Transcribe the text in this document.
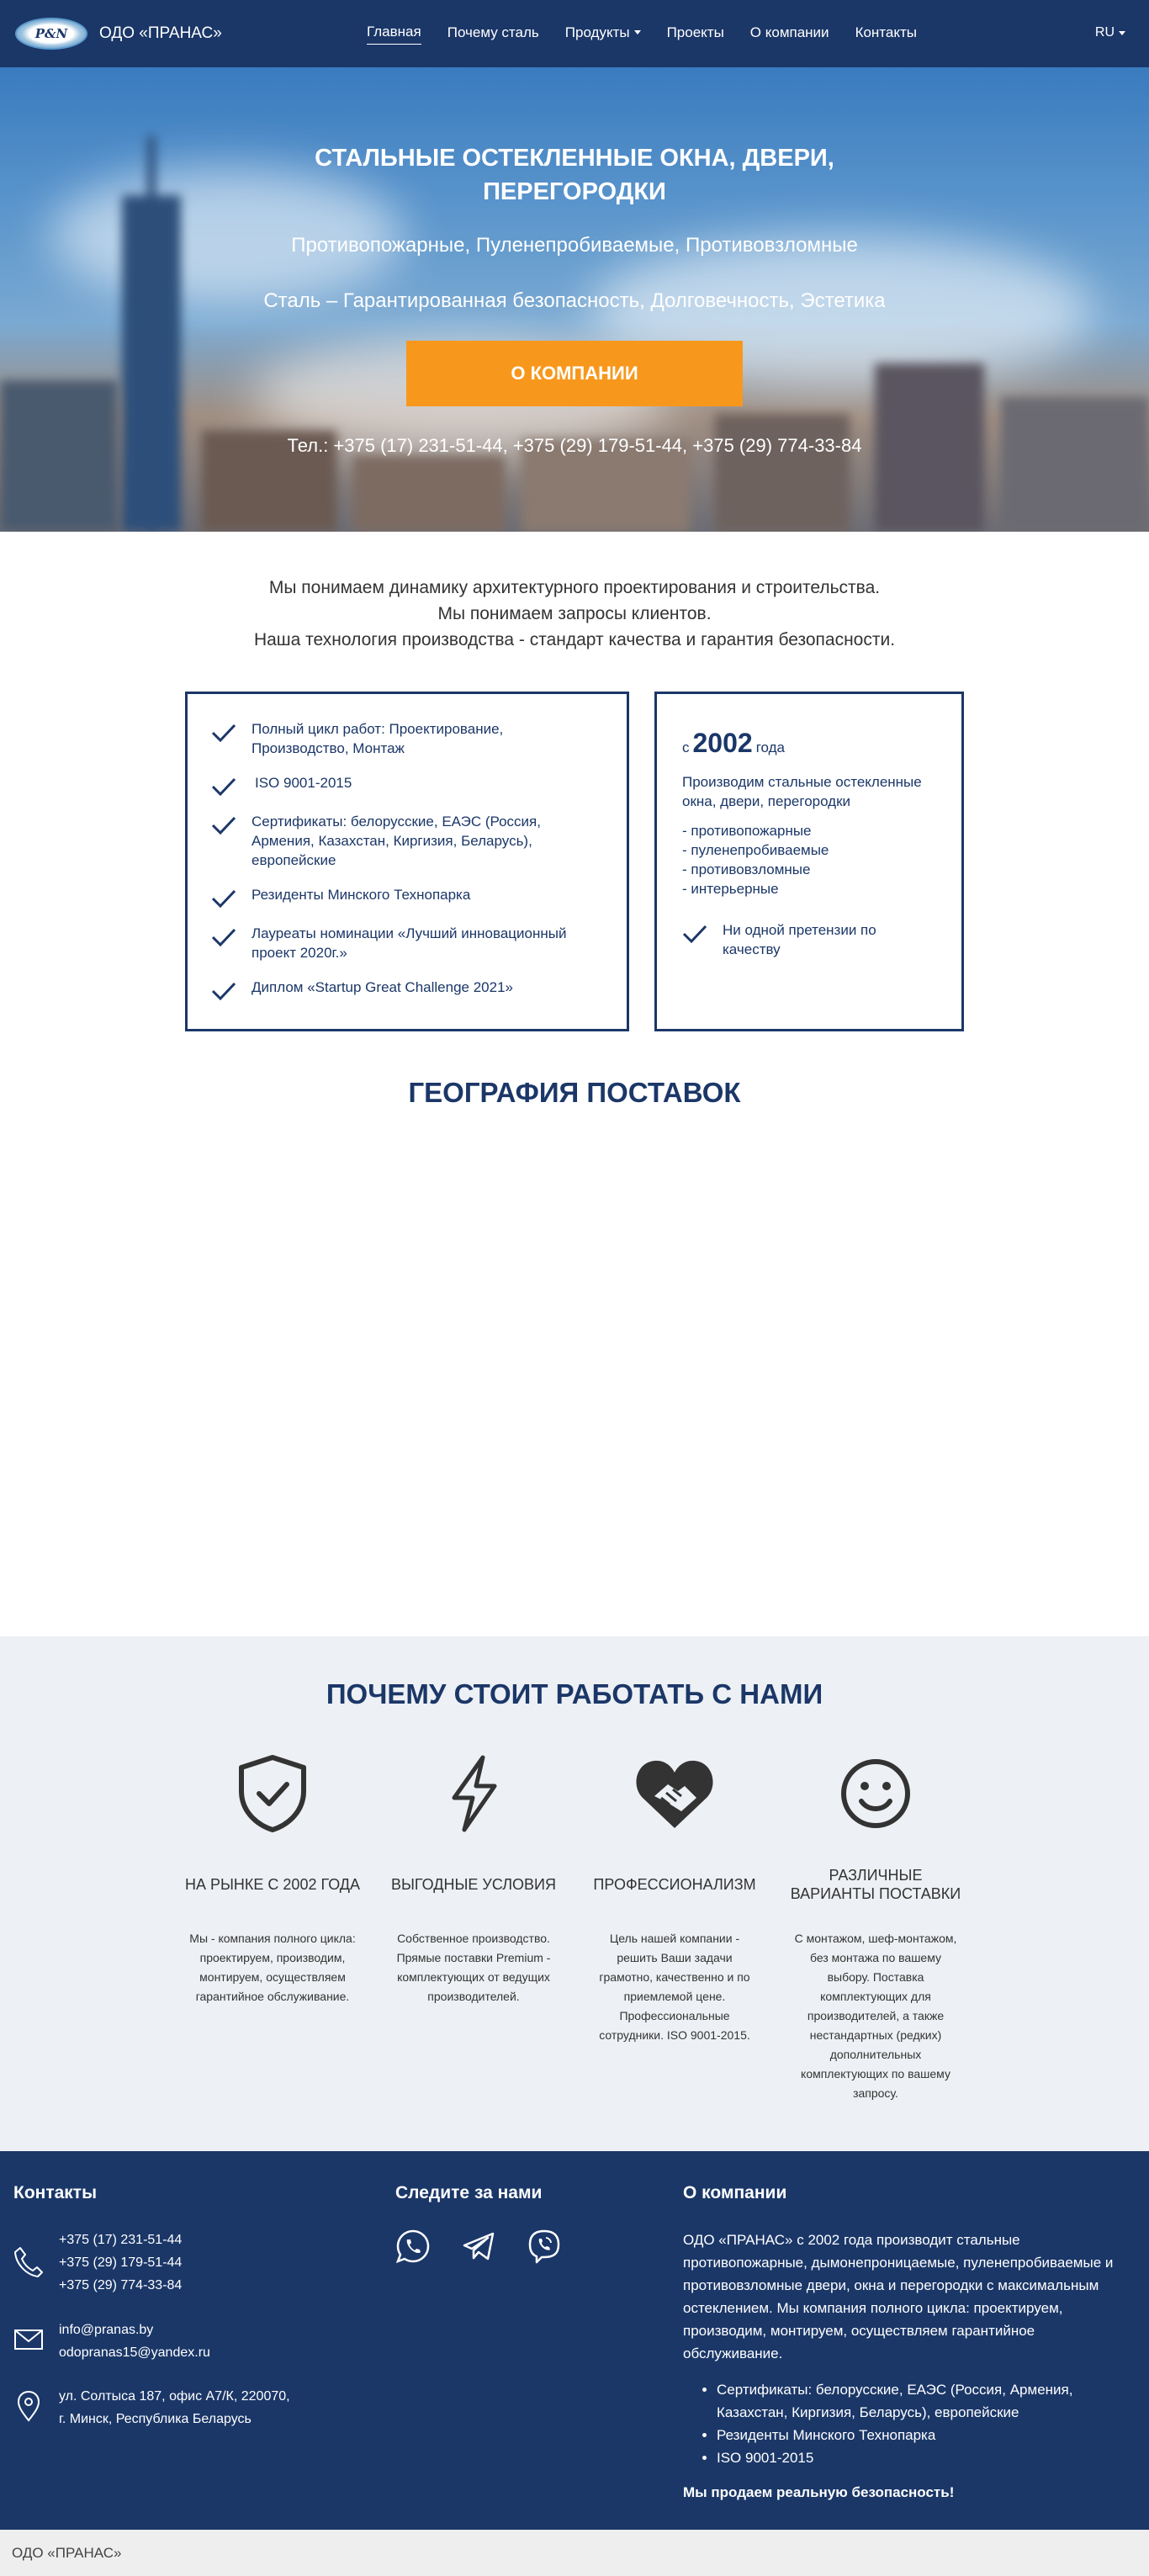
P&N ОДО «ПРАНАС»	Главная Почему сталь Продукты	Проекты О компании Контакты	RU
СТАЛЬНЫЕ ОСТЕКЛЕННЫЕ ОКНА, ДВЕРИ, ПЕРЕГОРОДКИ
Противопожарные, Пуленепробиваемые, Противовзломные
Сталь – Гарантированная безопасность, Долговечность, Эстетика
О КОМПАНИИ
Тел.: +375 (17) 231-51-44, +375 (29) 179-51-44, +375 (29) 774-33-84
Мы понимаем динамику архитектурного проектирования и строительства.
Мы понимаем запросы клиентов.
Наша технология производства - стандарт качества и гарантия безопасности.
Полный цикл работ: Проектирование, Производство, Монтаж
ISO 9001-2015
Сертификаты: белорусские, ЕАЭС (Россия, Армения, Казахстан, Киргизия, Беларусь), европейские
Резиденты Минского Технопарка
Лауреаты номинации «Лучший инновационный проект 2020г.»
Диплом «Startup Great Challenge 2021»
с 2002 года

Производим стальные остекленные окна, двери, перегородки

- противопожарные

- пуленепробиваемые

- противовзломные

- интерьерные

Ни одной претензии по качеству
ГЕОГРАФИЯ ПОСТАВОК
ПОЧЕМУ СТОИТ РАБОТАТЬ С НАМИ
НА РЫНКЕ С 2002 ГОДА
Мы - компания полного цикла: проектируем, производим, монтируем, осуществляем гарантийное обслуживание.
ВЫГОДНЫЕ УСЛОВИЯ
Собственное производство. Прямые поставки Premium - комплектующих от ведущих производителей.
ПРОФЕССИОНАЛИЗМ
Цель нашей компании - решить Ваши задачи грамотно, качественно и по приемлемой цене. Профессиональные сотрудники. ISO 9001-2015.
РАЗЛИЧНЫЕ ВАРИАНТЫ ПОСТАВКИ
С монтажом, шеф-монтажом, без монтажа по вашему выбору. Поставка комплектующих для производителей, а также нестандартных (редких) дополнительных комплектующих по вашему запросу.
Контакты
+375 (17) 231-51-44
+375 (29) 179-51-44
+375 (29) 774-33-84
info@pranas.by
odopranas15@yandex.ru
ул. Солтыса 187, офис А7/К, 220070,
г. Минск, Республика Беларусь
Следите за нами	О компании
ОДО «ПРАНАС» с 2002 года производит стальные противопожарные, дымонепроницаемые, пуленепробиваемые и противовзломные двери, окна и перегородки с максимальным остеклением. Мы компания полного цикла: проектируем, производим, монтируем, осуществляем гарантийное обслуживание.
• Сертификаты: белорусские, ЕАЭС (Россия, Армения, Казахстан, Киргизия, Беларусь), европейские
• Резиденты Минского Технопарка
• ISO 9001-2015
Мы продаем реальную безопасность!
ОДО «ПРАНАС»
